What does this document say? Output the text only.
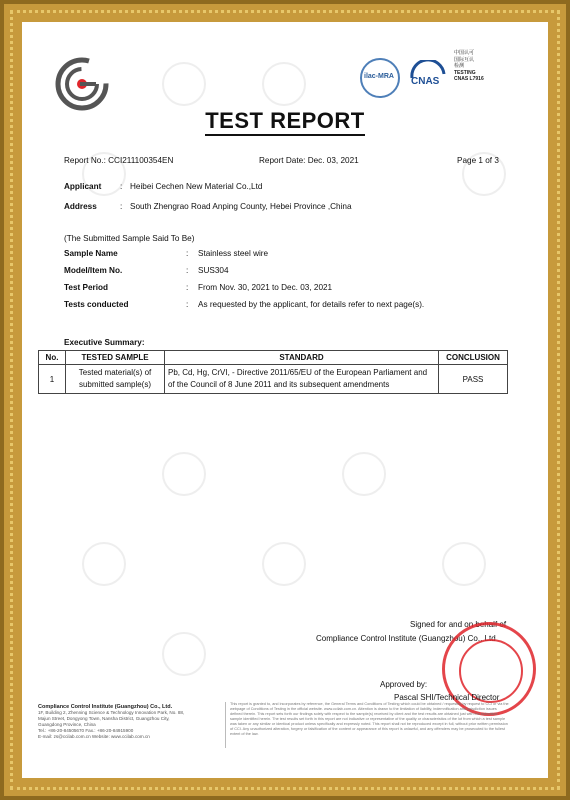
ilac-MRA CNAS
中国认可
国际互认
检测
TESTING
CNAS L7916
TEST REPORT
Report No.: CCI211100354EN	Report Date: Dec. 03, 2021	Page 1 of 3
Applicant : Heibei Cechen New Material Co.,Ltd
Address	: South Zhengrao Road Anping County, Hebei Province ,China
(The Submitted Sample Said To Be)
Sample Name	: Stainless steel wire
Model/Item No.	: SUS304
Test Period	: From Nov. 30, 2021 to Dec. 03, 2021
Tests conducted	: As requested by the applicant, for details refer to next page(s).
Executive Summary:
No.	TESTED SAMPLE	STANDARD	CONCLUSION
1	Tested material(s) of submitted sample(s)	Pb, Cd, Hg, CrVI, - Directive 2011/65/EU of the European Parliament and of the Council of 8 June 2011 and its subsequent amendments	PASS
Signed for and on behalf of
Compliance Control Institute (Guangzhou) Co., Ltd
Approved by:
Pascal SHI/Technical Director
Compliance Control Institute (Guangzhou) Co., Ltd.
1F, Building 2, Zhenning Science & Technology Innovation Park, No. 88,
Majun Street, Dongyong Town, Nansha District, Guangzhou City,
Guangdong Province, China
Tel.: +86-20-84505670 Fax.: +86-20-84915900
E-mail: zs@ccilab.com.cn Website: www.ccilab.com.cn
This report is granted to, and incorporates by reference, the General Terms and Conditions of Testing which could be obtained / requested by request to CCI or via the webpage of Conditions of Testing in the official website. www.ccilab.com.cn. Attention is drawn to the limitation of liability, indemnification and jurisdiction issues defined therein. This report sets forth our findings solely with respect to the sample(s) received by client and the test results are obtained just with the submitted sample identified herein. The test results set forth in this report are not indicative or representative of the quality or characteristics of the lot from which a test sample was taken or any similar or identical product unless specifically and expressly noted. This report shall not be reproduced except in full, without prior written permission of CCI. Any unauthorized alteration, forgery or falsification of the content or appearance of this report is unlawful, and any offenders may be prosecuted to the fullest extent of the law.
